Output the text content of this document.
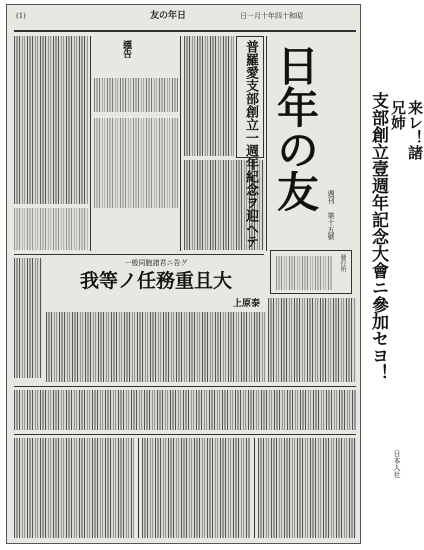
(1)	友の年日	日一月十年四十和昭
謹告	普羅愛支部創立一週年紀念ヲ迎ヘテ 日年の友 週刊
第十五號
發行所
一般同胞諸君ニ告グ
我等ノ任務重且大
上原泰	支部創立壹週年記念大會ニ參加セヨ！	来レ！諸兄姉
日本人社
